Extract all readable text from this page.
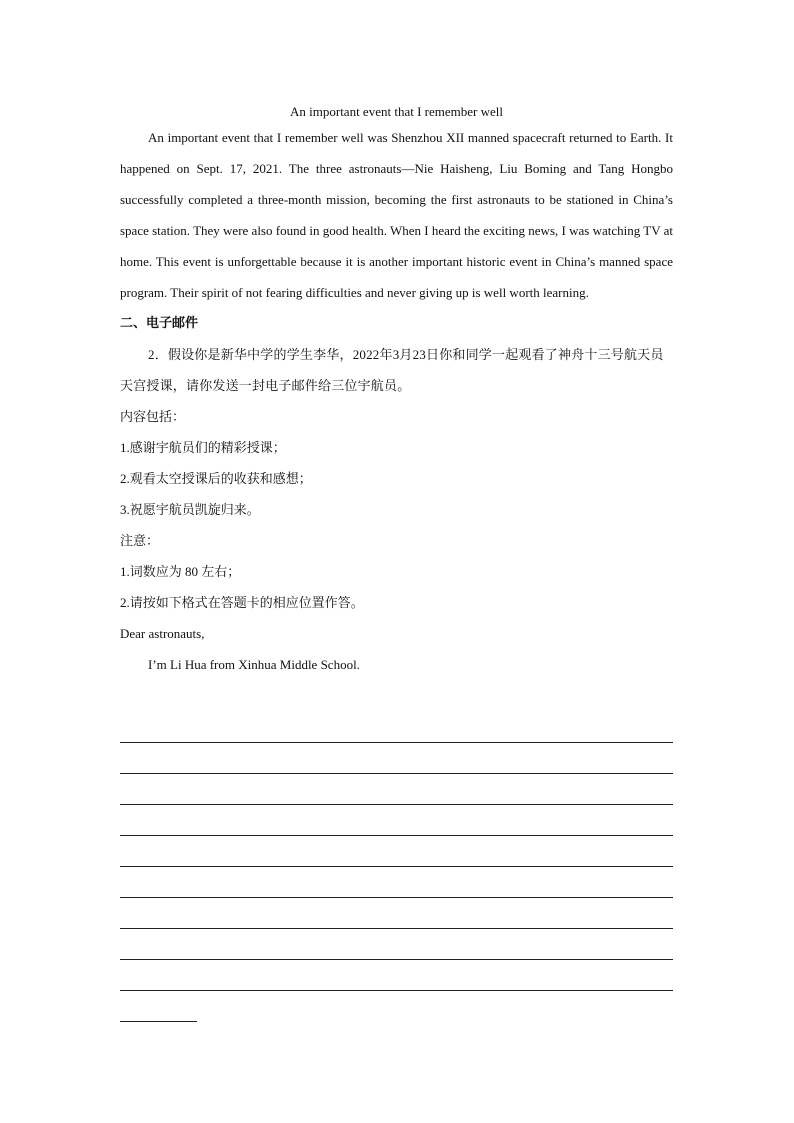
An important event that I remember well

An important event that I remember well was Shenzhou XII manned spacecraft returned to Earth. It happened on Sept. 17, 2021. The three astronauts—Nie Haisheng, Liu Boming and Tang Hongbo successfully completed a three-month mission, becoming the first astronauts to be stationed in China’s space station. They were also found in good health. When I heard the exciting news, I was watching TV at home. This event is unforgettable because it is another important historic event in China’s manned space program. Their spirit of not fearing difficulties and never giving up is well worth learning.

二、电子邮件

2．假设你是新华中学的学生李华，2022年3月23日你和同学一起观看了神舟十三号航天员天宫授课，请你发送一封电子邮件给三位宇航员。

内容包括：

1.感谢宇航员们的精彩授课；

2.观看太空授课后的收获和感想；

3.祝愿宇航员凯旋归来。

注意：

1.词数应为 80 左右；

2.请按如下格式在答题卡的相应位置作答。

Dear astronauts,

I’m Li Hua from Xinhua Middle School.
